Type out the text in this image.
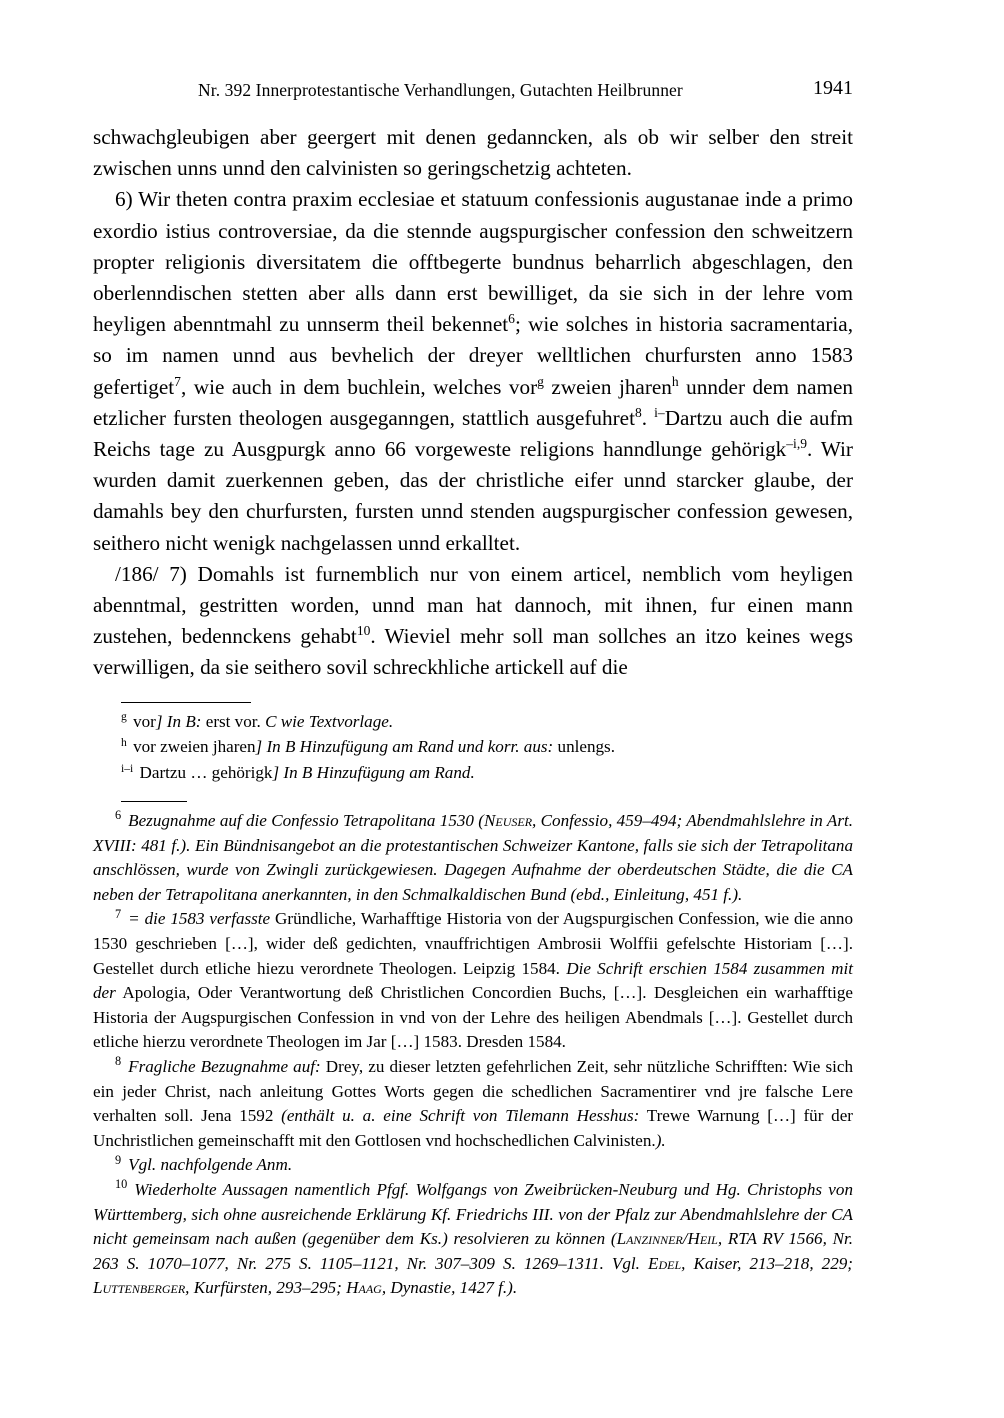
Nr. 392 Innerprotestantische Verhandlungen, Gutachten Heilbrunner	1941

schwachgleubigen aber geergert mit denen gedanncken, als ob wir selber den streit zwischen unns unnd den calvinisten so geringschetzig achteten.

6) Wir theten contra praxim ecclesiae et statuum confessionis augustanae inde a primo exordio istius controversiae, da die stennde augspurgischer confession den schweitzern propter religionis diversitatem die offtbegerte bundnus beharrlich abgeschlagen, den oberlenndischen stetten aber alls dann erst bewilliget, da sie sich in der lehre vom heyligen abenntmahl zu unnserm theil bekennet$^6$; wie solches in historia sacramentaria, so im namen unnd aus bevhelich der dreyer welltlichen churfursten anno 1583 gefertiget$^7$, wie auch in dem buchlein, welches vor$^g$ zweien jharen$^h$ unnder dem namen etzlicher fursten theologen ausgeganngen, stattlich ausgefuhret$^8$. $^{i-}$Dartzu auch die aufm Reichs tage zu Ausgpurgk anno 66 vorgeweste religions hanndlunge gehörigk$^{-i,9}$. Wir wurden damit zuerkennen geben, das der christliche eifer unnd starcker glaube, der damahls bey den churfursten, fursten unnd stenden augspurgischer confession gewesen, seithero nicht wenigk nachgelassen unnd erkalltet.

/186/ 7) Domahls ist furnemblich nur von einem articel, nemblich vom heyligen abenntmal, gestritten worden, unnd man hat dannoch, mit ihnen, fur einen mann zustehen, bedennckens gehabt$^{10}$. Wieviel mehr soll man sollches an itzo keines wegs verwilligen, da sie seithero sovil schreckhliche artickell auf die

$^g$ vor] In B: erst vor. C wie Textvorlage.

$^h$ vor zweien jharen] In B Hinzufügung am Rand und korr. aus: unlengs.

$^{i-i}$ Dartzu … gehörigk] In B Hinzufügung am Rand.

$^6$ Bezugnahme auf die Confessio Tetrapolitana 1530 (Neuser, Confessio, 459–494; Abendmahlslehre in Art. XVIII: 481 f.). Ein Bündnisangebot an die protestantischen Schweizer Kantone, falls sie sich der Tetrapolitana anschlössen, wurde von Zwingli zurückgewiesen. Dagegen Aufnahme der oberdeutschen Städte, die die CA neben der Tetrapolitana anerkannten, in den Schmalkaldischen Bund (ebd., Einleitung, 451 f.).

$^7$ = die 1583 verfasste Gründliche, Warhafftige Historia von der Augspurgischen Confession, wie die anno 1530 geschrieben […], wider deß gedichten, vnauffrichtigen Ambrosii Wolffii gefelschte Historiam […]. Gestellet durch etliche hiezu verordnete Theologen. Leipzig 1584. Die Schrift erschien 1584 zusammen mit der Apologia, Oder Verantwortung deß Christlichen Concordien Buchs, […]. Desgleichen ein warhafftige Historia der Augspurgischen Confession in vnd von der Lehre des heiligen Abendmals […]. Gestellet durch etliche hierzu verordnete Theologen im Jar […] 1583. Dresden 1584.

$^8$ Fragliche Bezugnahme auf: Drey, zu dieser letzten gefehrlichen Zeit, sehr nützliche Schrifften: Wie sich ein jeder Christ, nach anleitung Gottes Worts gegen die schedlichen Sacramentirer vnd jre falsche Lere verhalten soll. Jena 1592 (enthält u. a. eine Schrift von Tilemann Hesshus: Trewe Warnung […] für der Unchristlichen gemeinschafft mit den Gottlosen vnd hochschedlichen Calvinisten.).

$^9$ Vgl. nachfolgende Anm.

$^{10}$ Wiederholte Aussagen namentlich Pfgf. Wolfgangs von Zweibrücken-Neuburg und Hg. Christophs von Württemberg, sich ohne ausreichende Erklärung Kf. Friedrichs III. von der Pfalz zur Abendmahlslehre der CA nicht gemeinsam nach außen (gegenüber dem Ks.) resolvieren zu können (Lanzinner/Heil, RTA RV 1566, Nr. 263 S. 1070–1077, Nr. 275 S. 1105–1121, Nr. 307–309 S. 1269–1311. Vgl. Edel, Kaiser, 213–218, 229; Luttenberger, Kurfürsten, 293–295; Haag, Dynastie, 1427 f.).
